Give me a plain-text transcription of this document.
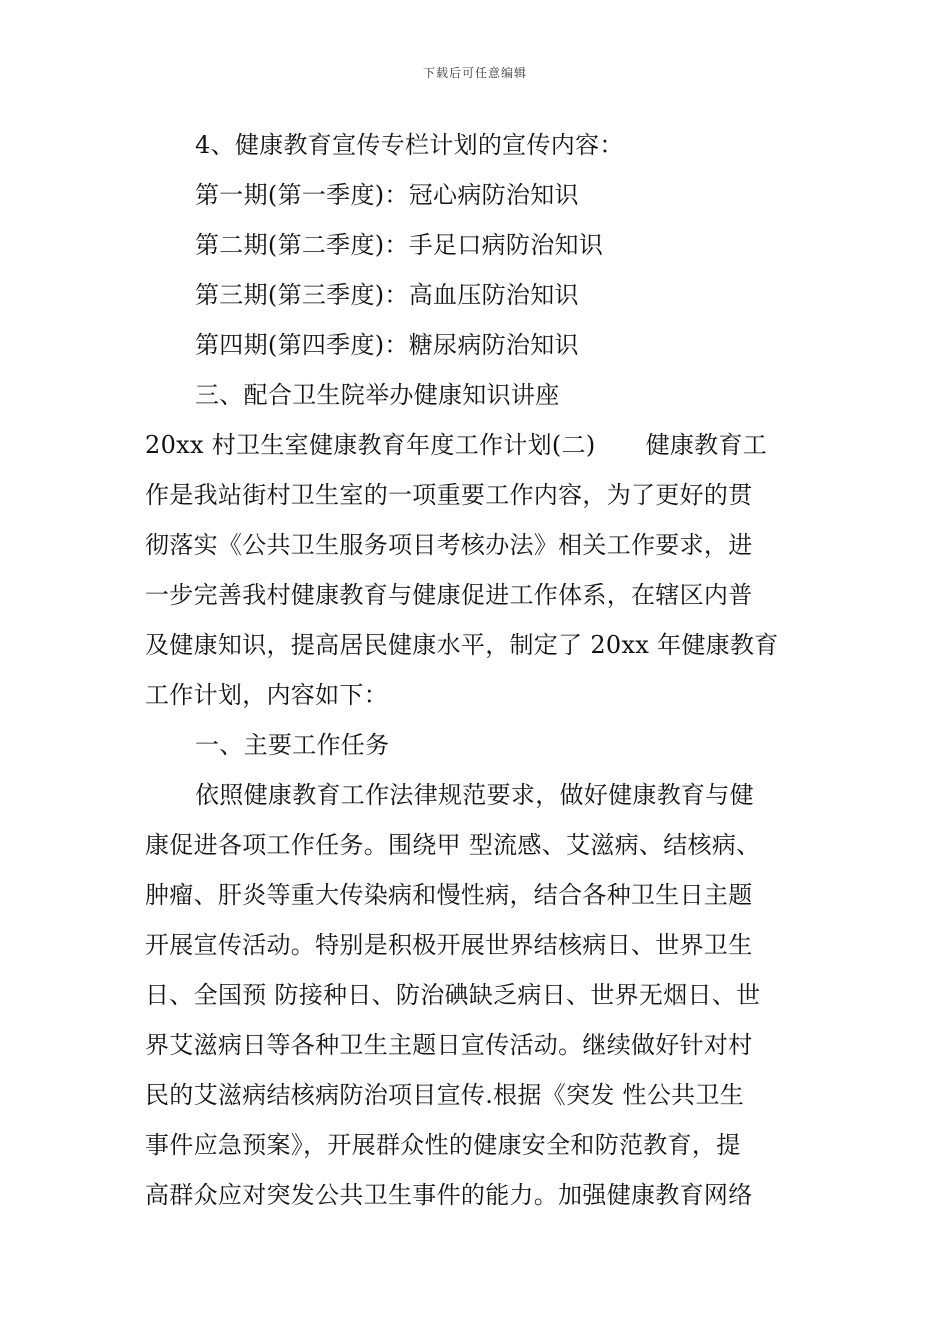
下载后可任意编辑
4、健康教育宣传专栏计划的宣传内容：
第一期(第一季度)：冠心病防治知识
第二期(第二季度)：手足口病防治知识
第三期(第三季度)：高血压防治知识
第四期(第四季度)：糖尿病防治知识
三、配合卫生院举办健康知识讲座
20xx 村卫生室健康教育年度工作计划(二) 健康教育工
作是我站街村卫生室的一项重要工作内容，为了更好的贯
彻落实《公共卫生服务项目考核办法》相关工作要求，进
一步完善我村健康教育与健康促进工作体系，在辖区内普
及健康知识，提高居民健康水平，制定了 20xx 年健康教育
工作计划，内容如下：
一、主要工作任务
依照健康教育工作法律规范要求，做好健康教育与健
康促进各项工作任务。围绕甲 型流感、艾滋病、结核病、
肿瘤、肝炎等重大传染病和慢性病，结合各种卫生日主题
开展宣传活动。特别是积极开展世界结核病日、世界卫生
日、全国预 防接种日、防治碘缺乏病日、世界无烟日、世
界艾滋病日等各种卫生主题日宣传活动。继续做好针对村
民的艾滋病结核病防治项目宣传.根据《突发 性公共卫生
事件应急预案》，开展群众性的健康安全和防范教育，提
高群众应对突发公共卫生事件的能力。加强健康教育网络
